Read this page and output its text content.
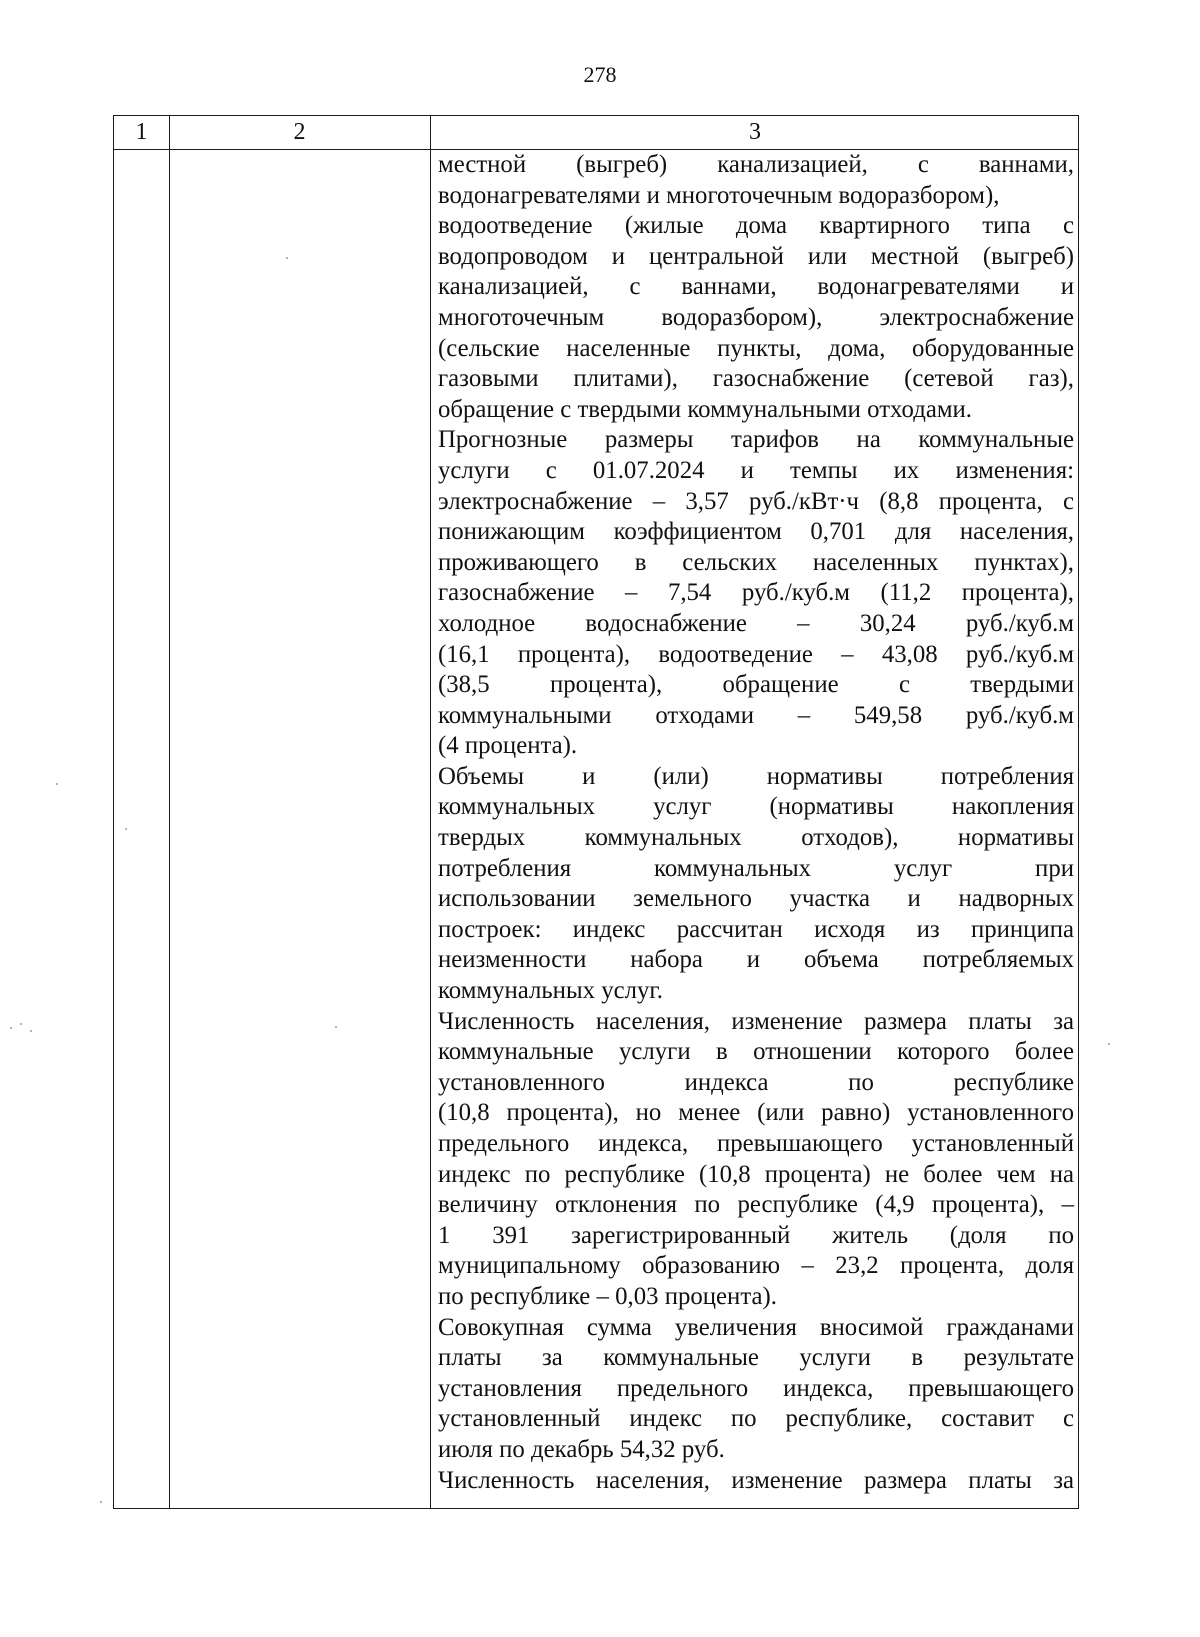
278
1	2	3
местной (выгреб) канализацией, с ваннами,
водонагревателями и многоточечным водоразбором),
водоотведение (жилые дома квартирного типа с
водопроводом и центральной или местной (выгреб)
канализацией, с ваннами, водонагревателями и
многоточечным водоразбором), электроснабжение
(сельские населенные пункты, дома, оборудованные
газовыми плитами), газоснабжение (сетевой газ),
обращение с твердыми коммунальными отходами.
Прогнозные размеры тарифов на коммунальные
услуги с 01.07.2024 и темпы их изменения:
электроснабжение – 3,57 руб./кВт·ч (8,8 процента, с
понижающим коэффициентом 0,701 для населения,
проживающего в сельских населенных пунктах),
газоснабжение – 7,54 руб./куб.м (11,2 процента),
холодное водоснабжение – 30,24 руб./куб.м
(16,1 процента), водоотведение – 43,08 руб./куб.м
(38,5 процента), обращение с твердыми
коммунальными отходами – 549,58 руб./куб.м
(4 процента).
Объемы и (или) нормативы потребления
коммунальных услуг (нормативы накопления
твердых коммунальных отходов), нормативы
потребления коммунальных услуг при
использовании земельного участка и надворных
построек: индекс рассчитан исходя из принципа
неизменности набора и объема потребляемых
коммунальных услуг.
Численность населения, изменение размера платы за
коммунальные услуги в отношении которого более
установленного индекса по республике
(10,8 процента), но менее (или равно) установленного
предельного индекса, превышающего установленный
индекс по республике (10,8 процента) не более чем на
величину отклонения по республике (4,9 процента), –
1 391 зарегистрированный житель (доля по
муниципальному образованию – 23,2 процента, доля
по республике – 0,03 процента).
Совокупная сумма увеличения вносимой гражданами
платы за коммунальные услуги в результате
установления предельного индекса, превышающего
установленный индекс по республике, составит с
июля по декабрь 54,32 руб.
Численность населения, изменение размера платы за
